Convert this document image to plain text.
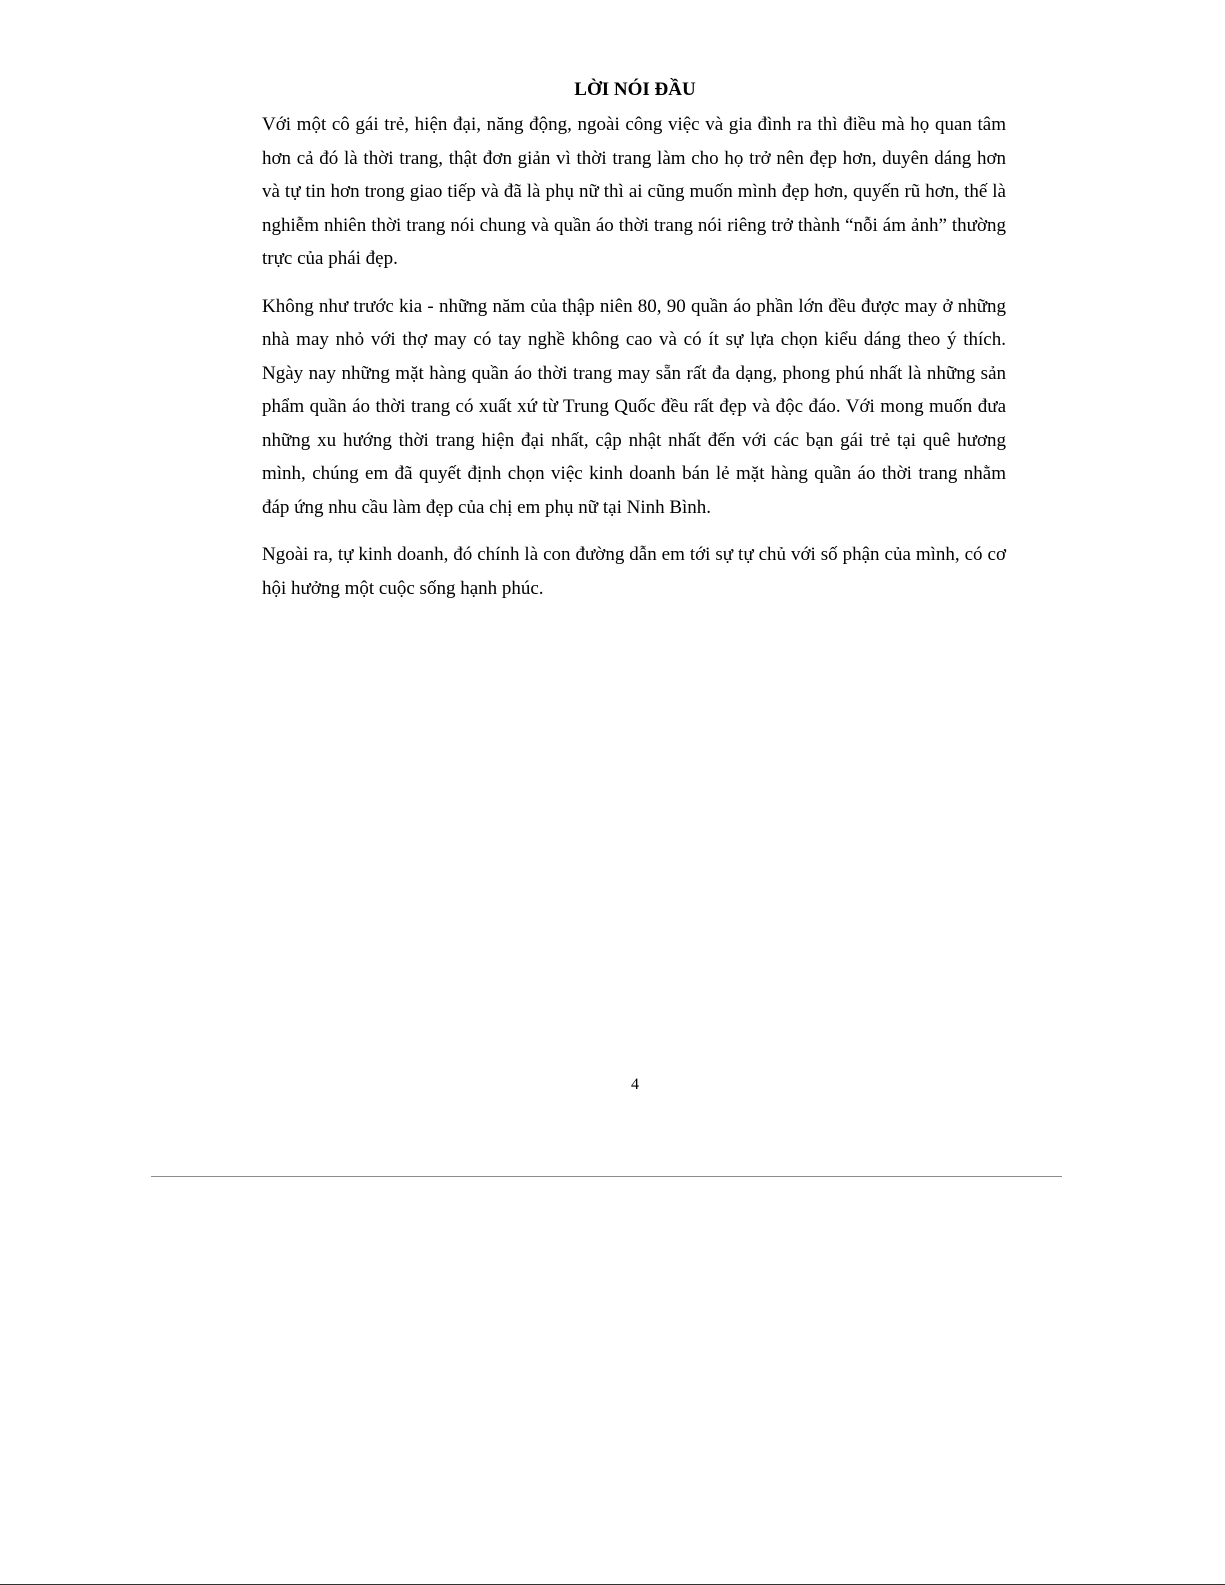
LỜI NÓI ĐẦU

Với một cô gái trẻ, hiện đại, năng động, ngoài công việc và gia đình ra thì điều mà họ quan tâm hơn cả đó là thời trang, thật đơn giản vì thời trang làm cho họ trở nên đẹp hơn, duyên dáng hơn và tự tin hơn trong giao tiếp và đã là phụ nữ thì ai cũng muốn mình đẹp hơn, quyến rũ hơn, thế là nghiễm nhiên thời trang nói chung và quần áo thời trang nói riêng trở thành “nỗi ám ảnh” thường trực của phái đẹp.

Không như trước kia - những năm của thập niên 80, 90 quần áo phần lớn đều được may ở những nhà may nhỏ với thợ may có tay nghề không cao và có ít sự lựa chọn kiểu dáng theo ý thích. Ngày nay những mặt hàng quần áo thời trang may sẵn rất đa dạng, phong phú nhất là những sản phẩm quần áo thời trang có xuất xứ từ Trung Quốc đều rất đẹp và độc đáo. Với mong muốn đưa những xu hướng thời trang hiện đại nhất, cập nhật nhất đến với các bạn gái trẻ tại quê hương mình, chúng em đã quyết định chọn việc kinh doanh bán lẻ mặt hàng quần áo thời trang nhằm đáp ứng nhu cầu làm đẹp của chị em phụ nữ tại Ninh Bình.

Ngoài ra, tự kinh doanh, đó chính là con đường dẫn em tới sự tự chủ với số phận của mình, có cơ hội hưởng một cuộc sống hạnh phúc.

4
